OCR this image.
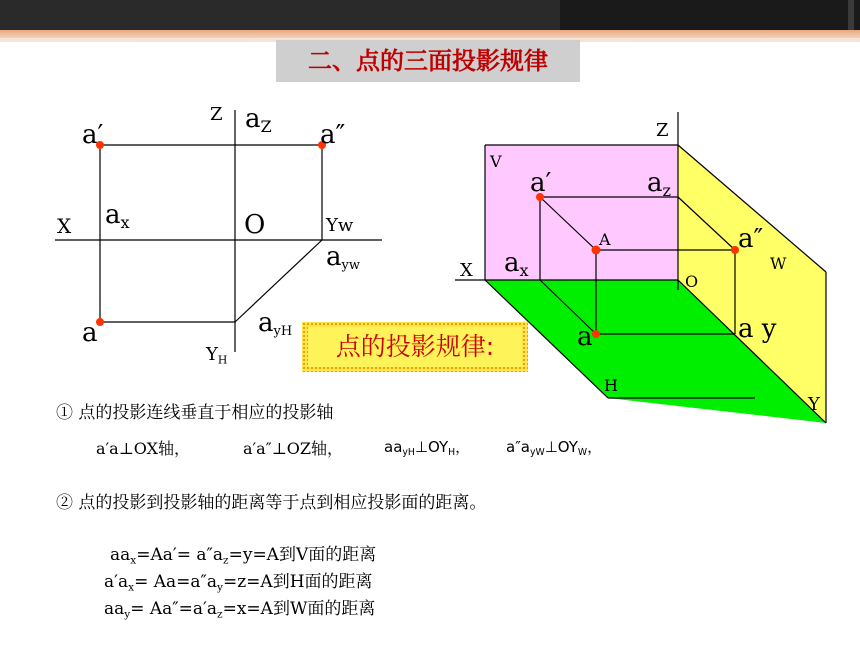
二、点的三面投影规律
Z $a_Z$
a′	a″
X $a_x$	O	Yw
$a_{yw}$
a	$a_{yH}$
$Y_H$
Z
V
a′	$a_z$
A	a″
W
X $a_x$
O
a	a y
H
Y
点的投影规律:
① 点的投影连线垂直于相应的投影轴
a′a⊥OX轴，	a′a″⊥OZ轴，	$aa_{yH}\perp OY_H$， $a''a_{yW}\perp OY_W$，
② 点的投影到投影轴的距离等于点到相应投影面的距离。
$aa_x=Aa'= a''a_z=y=A$到V面的距离
$a'a_x= Aa=a''a_y=z=A$到H面的距离
$aa_y= Aa''=a'a_z=x=A$到W面的距离
